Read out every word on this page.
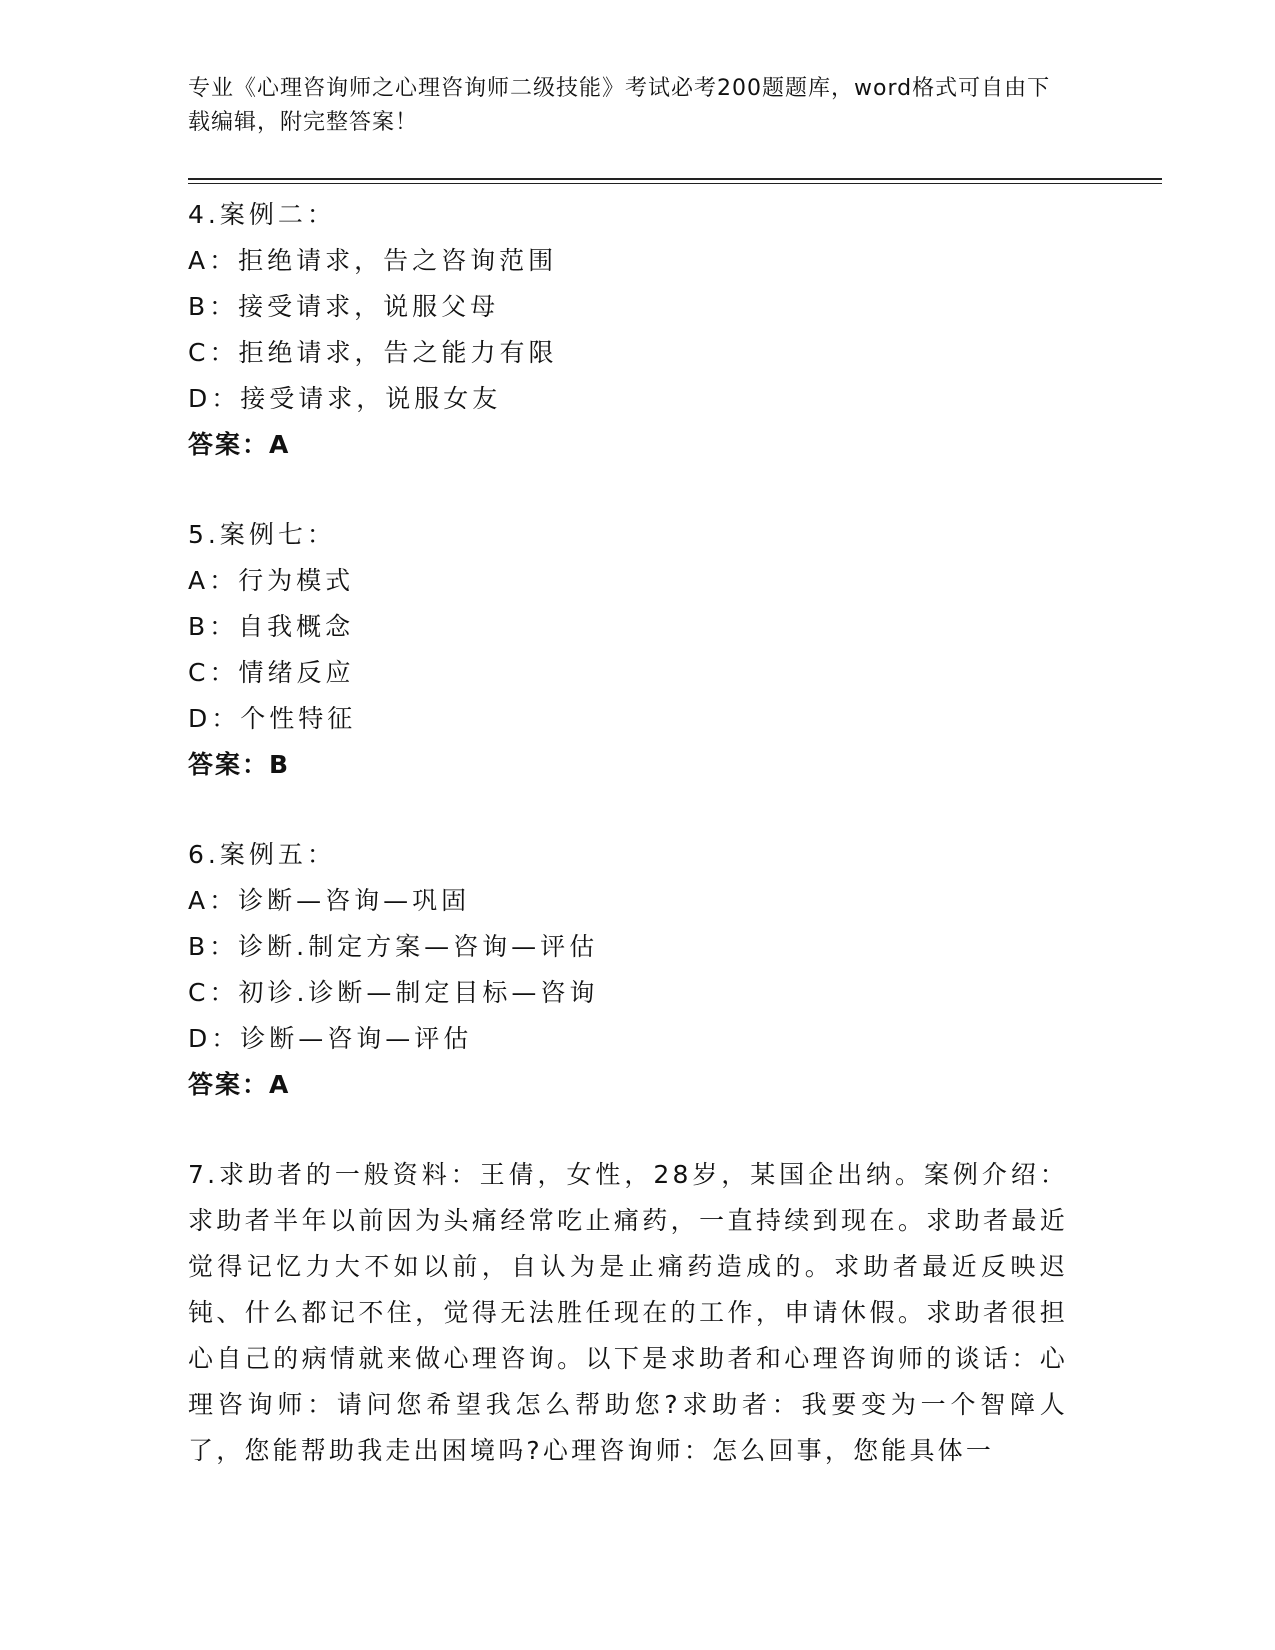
专业《心理咨询师之心理咨询师二级技能》考试必考200题题库，word格式可自由下载编辑，附完整答案！
4.案例二：
A：拒绝请求，告之咨询范围
B：接受请求，说服父母
C：拒绝请求，告之能力有限
D：接受请求，说服女友
答案：A
5.案例七：
A：行为模式
B：自我概念
C：情绪反应
D：个性特征
答案：B
6.案例五：
A：诊断—咨询—巩固
B：诊断.制定方案—咨询—评估
C：初诊.诊断—制定目标—咨询
D：诊断—咨询—评估
答案：A
7.求助者的一般资料：王倩，女性，28岁，某国企出纳。案例介绍：求助者半年以前因为头痛经常吃止痛药，一直持续到现在。求助者最近觉得记忆力大不如以前，自认为是止痛药造成的。求助者最近反映迟钝、什么都记不住，觉得无法胜任现在的工作，申请休假。求助者很担心自己的病情就来做心理咨询。以下是求助者和心理咨询师的谈话：心理咨询师：请问您希望我怎么帮助您?求助者：我要变为一个智障人了，您能帮助我走出困境吗?心理咨询师：怎么回事，您能具体一
